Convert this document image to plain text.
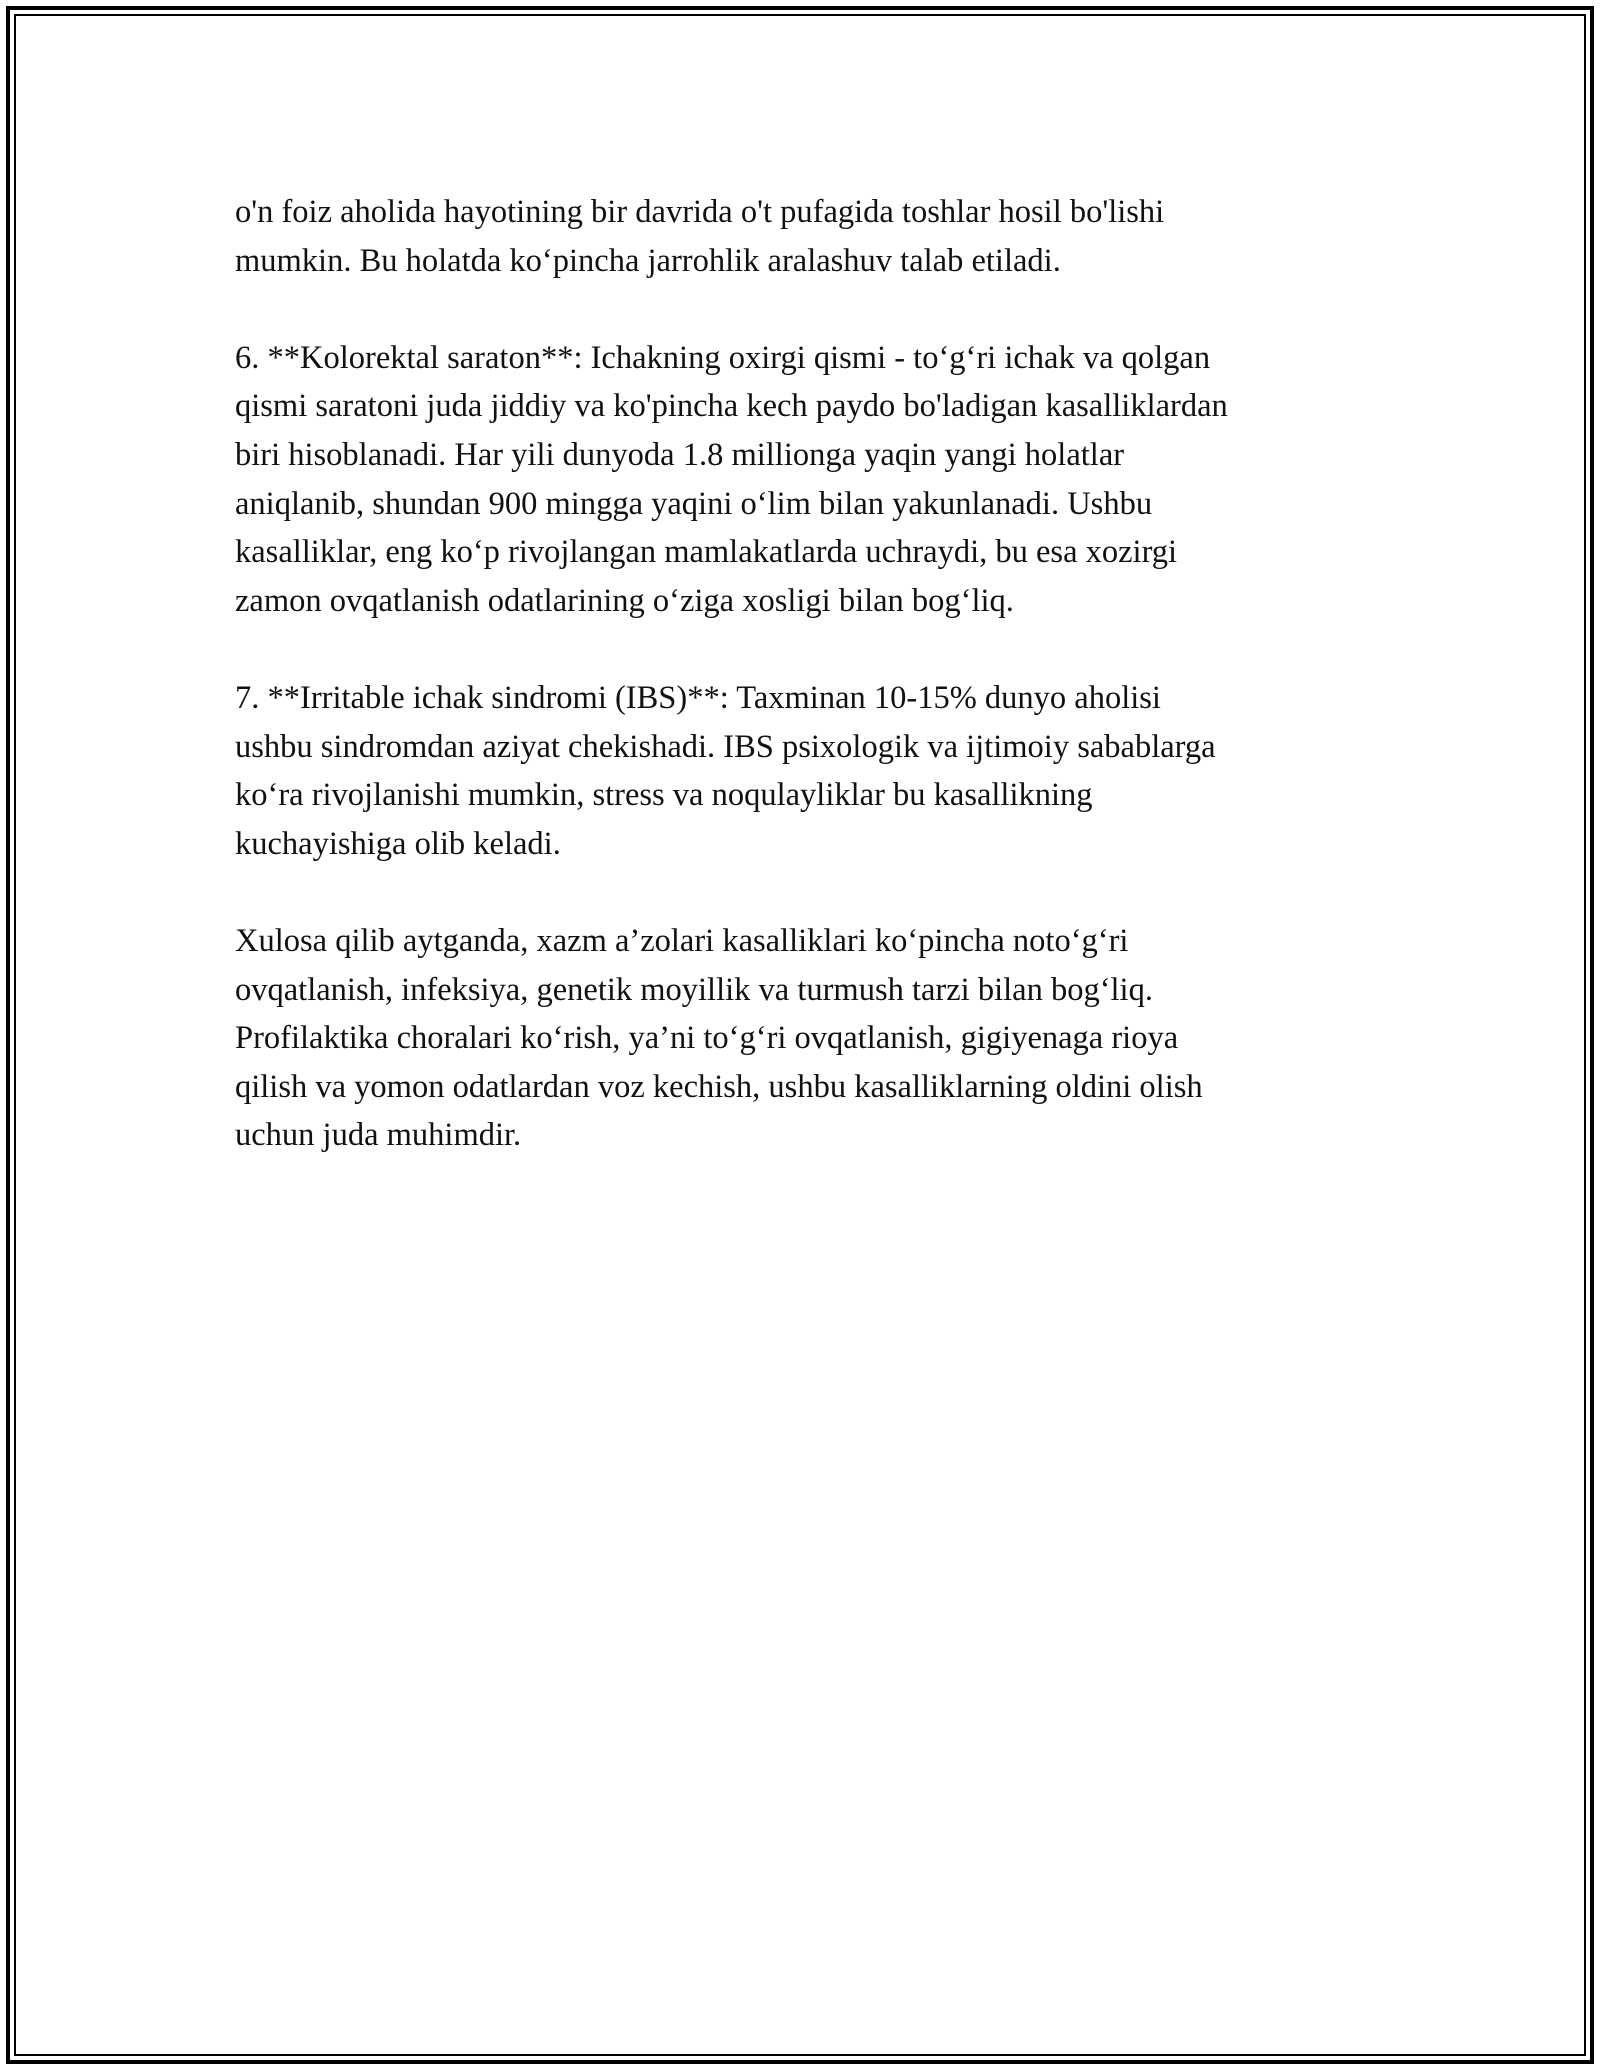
o'n foiz aholida hayotining bir davrida o't pufagida toshlar hosil bo'lishi
mumkin. Bu holatda ko‘pincha jarrohlik aralashuv talab etiladi.

6. **Kolorektal saraton**: Ichakning oxirgi qismi - to‘g‘ri ichak va qolgan
qismi saratoni juda jiddiy va ko'pincha kech paydo bo'ladigan kasalliklardan
biri hisoblanadi. Har yili dunyoda 1.8 millionga yaqin yangi holatlar
aniqlanib, shundan 900 mingga yaqini o‘lim bilan yakunlanadi. Ushbu
kasalliklar, eng ko‘p rivojlangan mamlakatlarda uchraydi, bu esa xozirgi
zamon ovqatlanish odatlarining o‘ziga xosligi bilan bog‘liq.

7. **Irritable ichak sindromi (IBS)**: Taxminan 10-15% dunyo aholisi
ushbu sindromdan aziyat chekishadi. IBS psixologik va ijtimoiy sabablarga
ko‘ra rivojlanishi mumkin, stress va noqulayliklar bu kasallikning
kuchayishiga olib keladi.

Xulosa qilib aytganda, xazm a’zolari kasalliklari ko‘pincha noto‘g‘ri
ovqatlanish, infeksiya, genetik moyillik va turmush tarzi bilan bog‘liq.
Profilaktika choralari ko‘rish, ya’ni to‘g‘ri ovqatlanish, gigiyenaga rioya
qilish va yomon odatlardan voz kechish, ushbu kasalliklarning oldini olish
uchun juda muhimdir.
